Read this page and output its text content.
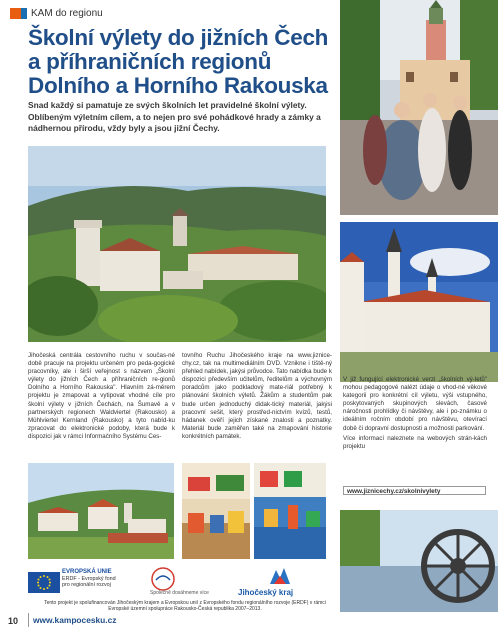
KAM do regionu
Školní výlety do jižních Čech
a příhraničních regionů
Dolního a Horního Rakouska
Snad každý si pamatuje ze svých školních let pravidelné školní výlety. Oblíbeným výletním cílem, a to nejen pro své pohádkové hrady a zámky a nádhernou přírodu, vždy byly a jsou jižní Čechy.

Jihočeská centrála cestovního ruchu v součas-né době pracuje na projektu určeném pro peda-gogické pracovníky, ale i širší veřejnost s názvem „Školní výlety do jižních Čech a příhraničních re-gionů Dolního a Horního Rakouska". Hlavním zá-měrem projektu je zmapovat a vytipovat vhodné cíle pro školní výlety v jižních Čechách, na Šumavě a v partnerských regionech Waldviertel (Rakousko) a Mühlviertel Kernland (Rakousko) a tyto nabíd-ku zpracovat do elektronické podoby, která bude k dispozici jak v rámci Informačního Systému Ces-

tovního Ruchu Jihočeského kraje na www.jiznice-chy.cz, tak na multimediálním DVD. Vznikne i tiště-ný přehled nabídek, jakýsi průvodce. Tato nabídka bude k dispozici především učitelům, ředitelům a výchovným poradcům jako podkladový mate-riál potřebný k plánování školních výletů. Žákům a studentům pak bude určen jednoduchý didak-tický materiál, jakýsi pracovní sešit, který prostřed-nictvím kvízů, testů, hádanek ověří jejich získané znalosti a poznatky. Materiál bude zaměřen také na zmapování historie konkrétních památek.

V již fungující elektronické verzi „školních vý-letů" mohou pedagogové nalézt údaje o vhod-né věkové kategorii pro konkrétní cíl výletu, výši vstupného, poskytovaných skupinových slevách, časové náročnosti prohlídky či návštěvy, ale i po-známku o ideálním ročním období pro návštěvu, otevírací době či dopravní dostupnosti a možnosti parkování.

Více informací naleznete na webových strán-kách projektu

www.jiznicechy.cz/skolnivylety
EVROPSKÁ UNIE
ERDF - Evropský fond
pro regionální rozvoj
Společně dosáhneme více	Jihočeský kraj
Tento projekt je spolufinancován Jihočeským krajem a Evropskou unií z Evropského fondu regionálního rozvoje (ERDF) v rámci Evropské územní spolupráce Rakousko-Česká republika 2007–2013.
10 www.kampocesku.cz
